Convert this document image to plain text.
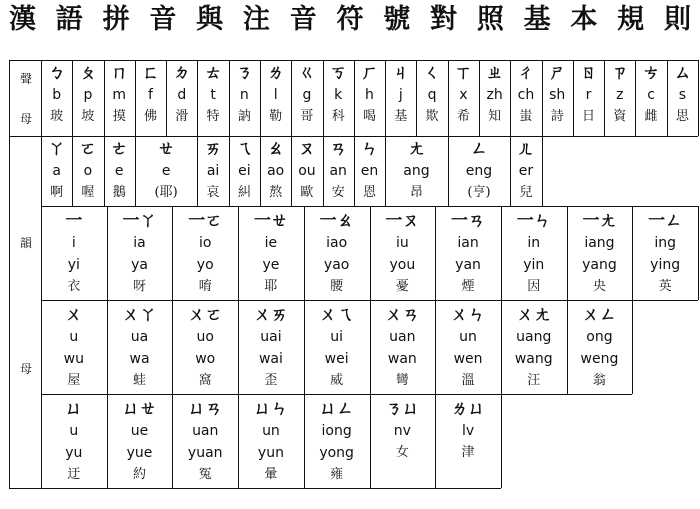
漢 語 拼 音 與 注 音 符 號 對 照 基 本 規 則
ㄅ
b
玻
ㄆ
p
坡
ㄇ
m
摸
ㄈ
f
佛
ㄉ
d
滑
ㄊ
t
特
ㄋ
n
訥
ㄌ
l
勒
ㄍ
g
哥
ㄎ
k
科
ㄏ
h
喝
ㄐ
j
基
ㄑ
q
欺
ㄒ
x
希
ㄓ
zh
知
ㄔ
ch
蚩
ㄕ
sh
詩
ㄖ
r
日
ㄗ
z
資
ㄘ
c
雌
ㄙ
s
思
聲
母
ㄚ
a
啊
ㄛ
o
喔
ㄜ
e
鵝
ㄝ
e
(耶)
ㄞ
ai
哀
ㄟ
ei
糾
ㄠ
ao
熬
ㄡ
ou
歐
ㄢ
an
安
ㄣ
en
恩
ㄤ
ang
昂
ㄥ
eng
(亨)
ㄦ
er
兒
一
i
yi
衣
一ㄚ
ia
ya
呀
一ㄛ
io
yo
唷
一ㄝ
ie
ye
耶
一ㄠ
iao
yao
腰
一ㄡ
iu
you
憂
一ㄢ
ian
yan
煙
一ㄣ
in
yin
因
一ㄤ
iang
yang
央
一ㄥ
ing
ying
英
ㄨ
u
wu
屋
ㄨㄚ
ua
wa
蛙
ㄨㄛ
uo
wo
窩
ㄨㄞ
uai
wai
歪
ㄨㄟ
ui
wei
威
ㄨㄢ
uan
wan
彎
ㄨㄣ
un
wen
溫
ㄨㄤ
uang
wang
汪
ㄨㄥ
ong
weng
翁
ㄩ
u
yu
迂
ㄩㄝ
ue
yue
約
ㄩㄢ
uan
yuan
冤
ㄩㄣ
un
yun
暈
ㄩㄥ
iong
yong
雍
ㄋㄩ
nv
女
ㄌㄩ
lv
津
韻
母
